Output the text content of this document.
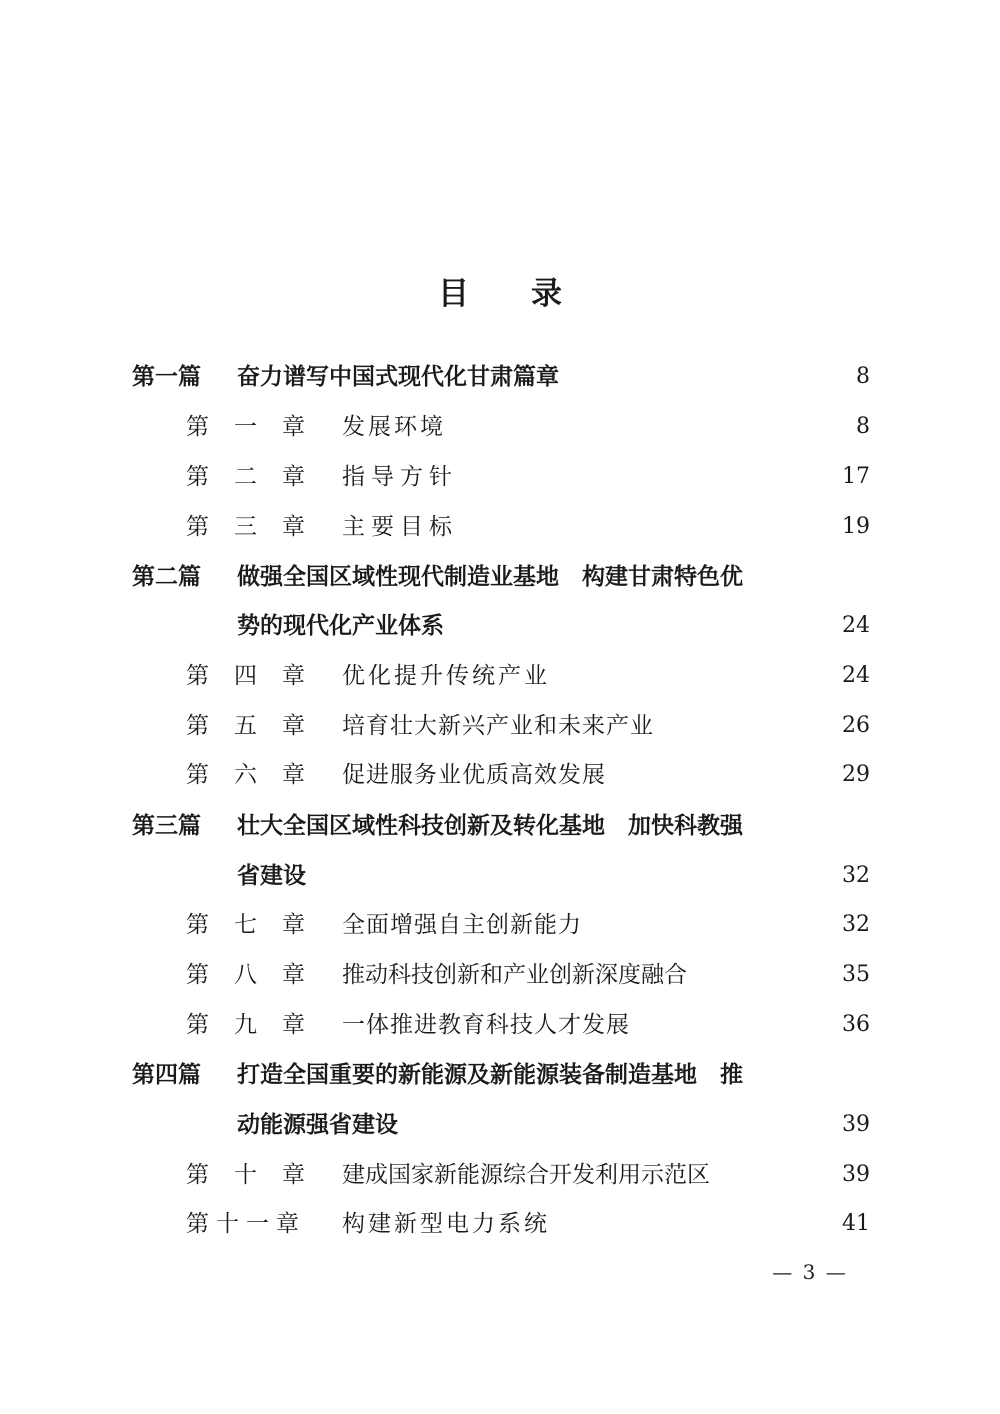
目 录
第一篇	奋力谱写中国式现代化甘肃篇章	8
第　一　章	发展环境	8
第　二　章	指导方针	17
第　三　章	主要目标	19
第二篇 做强全国区域性现代制造业基地　构建甘肃特色优
势的现代化产业体系	24
第　四　章	优化提升传统产业	24
第　五　章	培育壮大新兴产业和未来产业	26
第　六　章	促进服务业优质高效发展	29
第三篇 壮大全国区域性科技创新及转化基地　加快科教强
省建设	32
第　七　章	全面增强自主创新能力	32
第　八　章	推动科技创新和产业创新深度融合	35
第　九　章	一体推进教育科技人才发展	36
第四篇 打造全国重要的新能源及新能源装备制造基地　推
动能源强省建设	39
第　十　章	建成国家新能源综合开发利用示范区	39
第十一章	构建新型电力系统	41
— 3 —
